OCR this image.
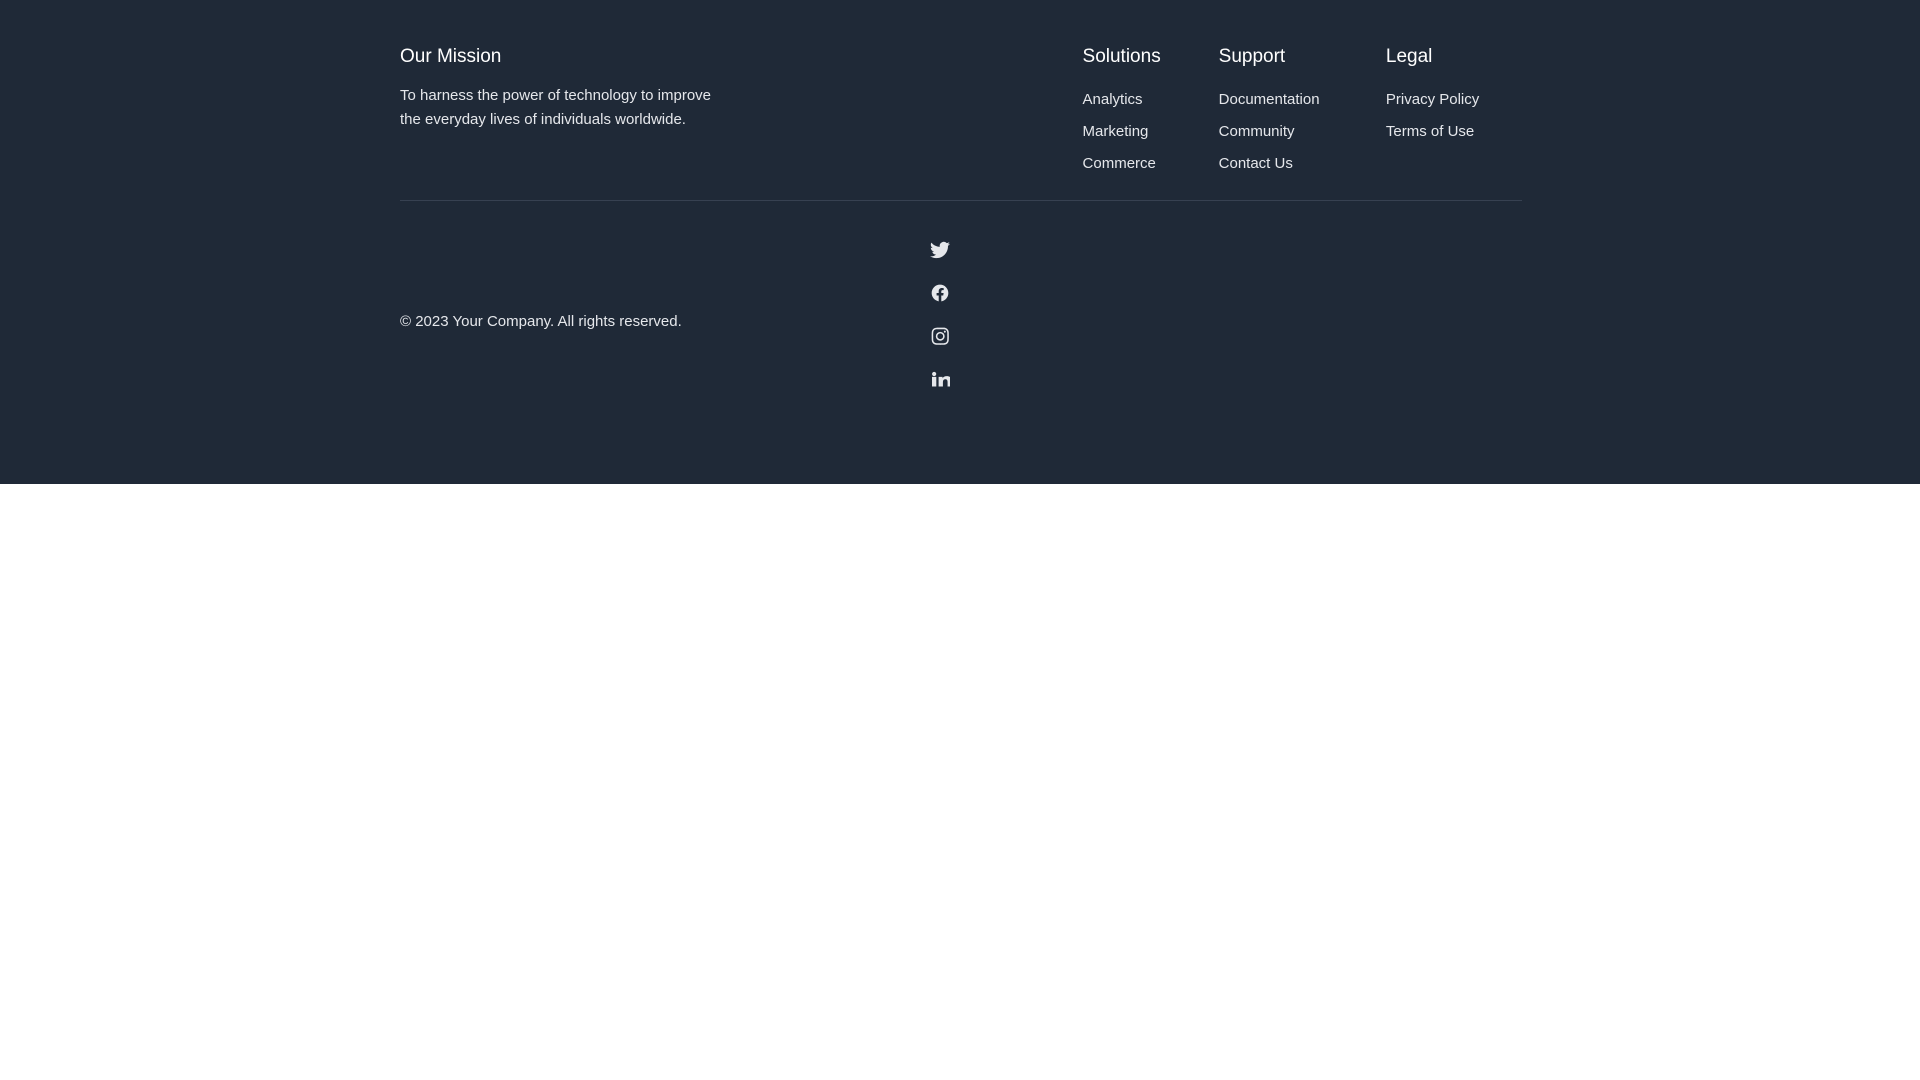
Our Mission

To harness the power of technology to improve the everyday lives of individuals worldwide.

Solutions
Analytics
Marketing
Commerce
Support
Documentation
Community
Contact Us
Legal
Privacy Policy
Terms of Use
© 2023 Your Company. All rights reserved.
